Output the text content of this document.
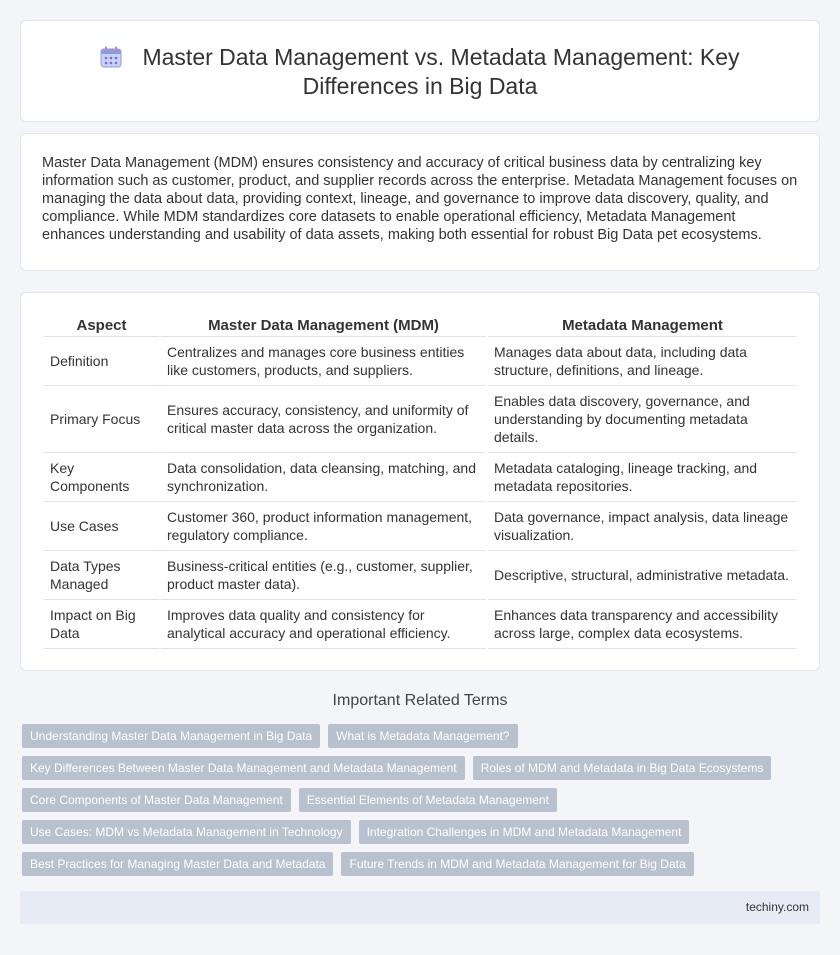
Master Data Management vs. Metadata Management: Key
Differences in Big Data

Master Data Management (MDM) ensures consistency and accuracy of critical business data by centralizing key information such as customer, product, and supplier records across the enterprise. Metadata Management focuses on managing the data about data, providing context, lineage, and governance to improve data discovery, quality, and compliance. While MDM standardizes core datasets to enable operational efficiency, Metadata Management enhances understanding and usability of data assets, making both essential for robust Big Data pet ecosystems.

Aspect	Master Data Management (MDM)	Metadata Management
Definition	Centralizes and manages core business entities like customers, products, and suppliers.	Manages data about data, including data structure, definitions, and lineage.
Primary Focus	Ensures accuracy, consistency, and uniformity of critical master data across the organization.	Enables data discovery, governance, and understanding by documenting metadata details.
Key Components	Data consolidation, data cleansing, matching, and synchronization.	Metadata cataloging, lineage tracking, and metadata repositories.
Use Cases	Customer 360, product information management, regulatory compliance.	Data governance, impact analysis, data lineage visualization.
Data Types Managed	Business-critical entities (e.g., customer, supplier, product master data).	Descriptive, structural, administrative metadata.
Impact on Big Data	Improves data quality and consistency for analytical accuracy and operational efficiency.	Enhances data transparency and accessibility across large, complex data ecosystems.
Important Related Terms
Understanding Master Data Management in Big Data	What is Metadata Management?
Key Differences Between Master Data Management and Metadata Management	Roles of MDM and Metadata in Big Data Ecosystems
Core Components of Master Data Management	Essential Elements of Metadata Management
Use Cases: MDM vs Metadata Management in Technology	Integration Challenges in MDM and Metadata Management
Best Practices for Managing Master Data and Metadata	Future Trends in MDM and Metadata Management for Big Data
techiny.com
